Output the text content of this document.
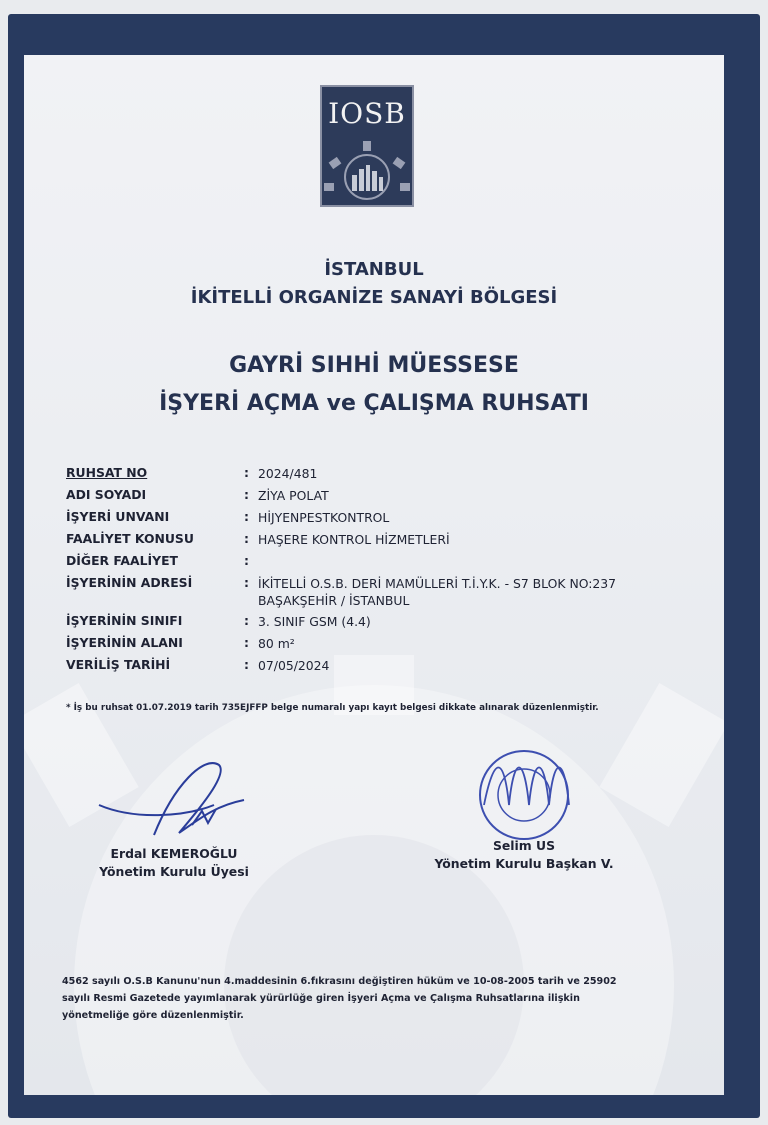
IOSB
İSTANBUL
İKİTELLİ ORGANİZE SANAYİ BÖLGESİ
GAYRİ SIHHİ MÜESSESE
İŞYERİ AÇMA ve ÇALIŞMA RUHSATI
RUHSAT NO	: 2024/481
ADI SOYADI	: ZİYA POLAT
İŞYERİ UNVANI	: HİJYENPESTKONTROL
FAALİYET KONUSU	: HAŞERE KONTROL HİZMETLERİ
DİĞER FAALİYET	:
İŞYERİNİN ADRESİ	: İKİTELLİ O.S.B. DERİ MAMÜLLERİ T.İ.Y.K. - S7 BLOK NO:237
BAŞAKŞEHİR / İSTANBUL
İŞYERİNİN SINIFI	: 3. SINIF GSM (4.4)
İŞYERİNİN ALANI	: 80 m²
VERİLİŞ TARİHİ	: 07/05/2024
* İş bu ruhsat 01.07.2019 tarih 735EJFFP belge numaralı yapı kayıt belgesi dikkate alınarak düzenlenmiştir.
Erdal KEMEROĞLU
Yönetim Kurulu Üyesi
Selim US
Yönetim Kurulu Başkan V.
4562 sayılı O.S.B Kanunu'nun 4.maddesinin 6.fıkrasını değiştiren hüküm ve 10-08-2005 tarih ve 25902
sayılı Resmi Gazetede yayımlanarak yürürlüğe giren İşyeri Açma ve Çalışma Ruhsatlarına ilişkin
yönetmeliğe göre düzenlenmiştir.
